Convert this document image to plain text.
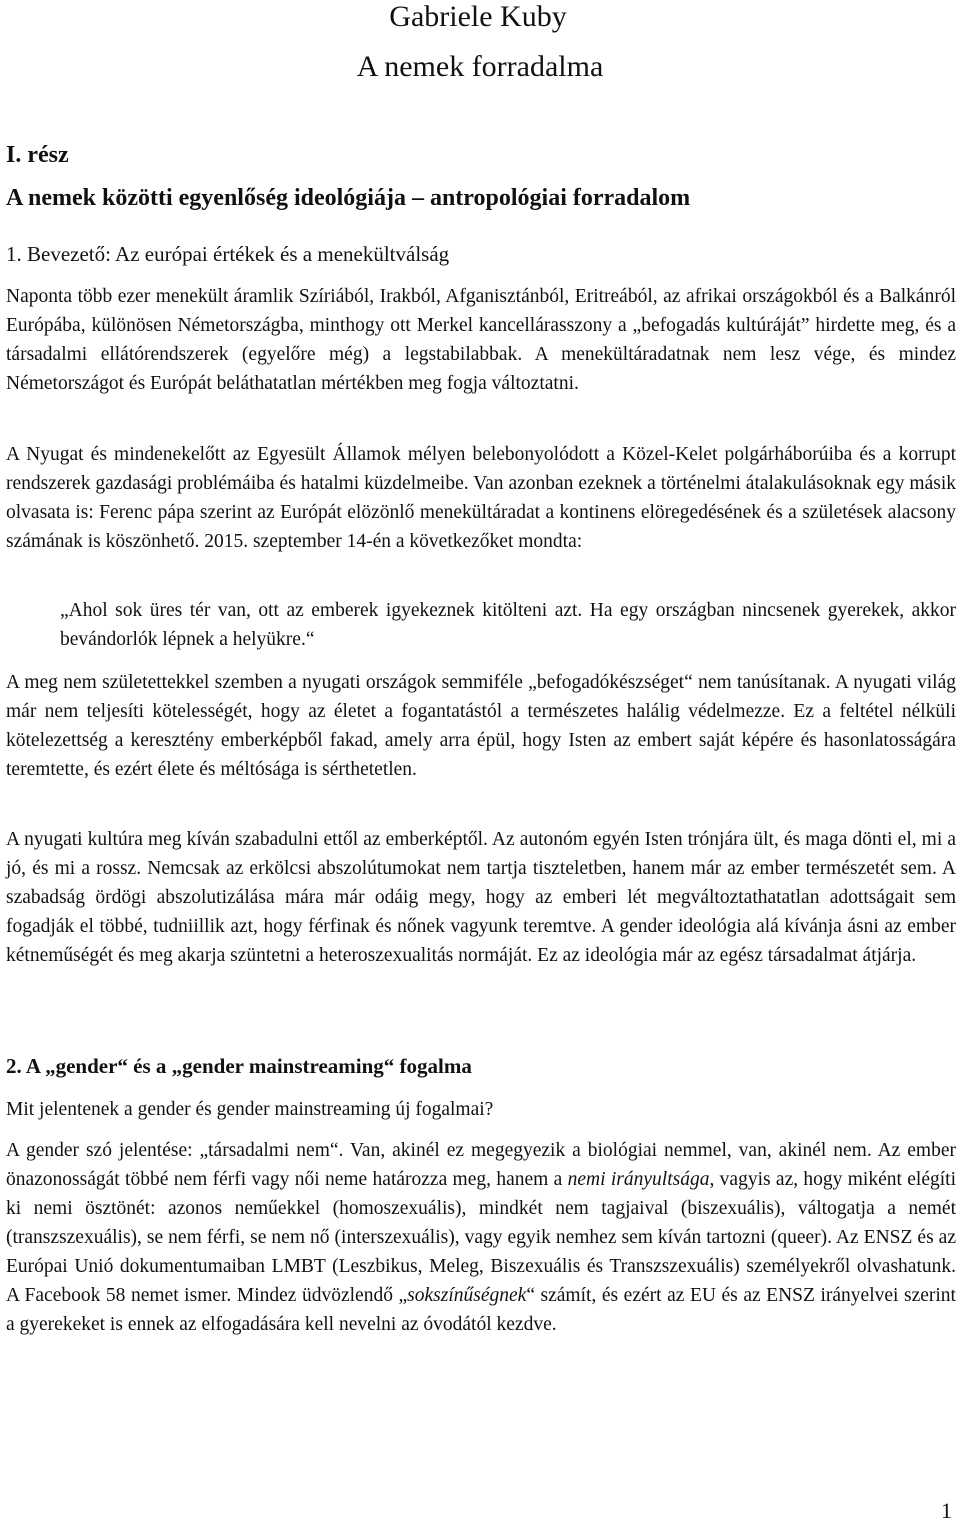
Gabriele Kuby
A nemek forradalma
I. rész
A nemek közötti egyenlőség ideológiája – antropológiai forradalom
1. Bevezető: Az európai értékek és a menekültválság

Naponta több ezer menekült áramlik Szíriából, Irakból, Afganisztánból, Eritreából, az afrikai országokból és a Balkánról Európába, különösen Németországba, minthogy ott Merkel kancellárasszony a „befogadás kultúráját” hirdette meg, és a társadalmi ellátórendszerek (egyelőre még) a legstabilabbak. A menekültáradatnak nem lesz vége, és mindez Németországot és Európát beláthatatlan mértékben meg fogja változtatni.

A Nyugat és mindenekelőtt az Egyesült Államok mélyen belebonyolódott a Közel-Kelet polgárháborúiba és a korrupt rendszerek gazdasági problémáiba és hatalmi küzdelmeibe. Van azonban ezeknek a történelmi átalakulásoknak egy másik olvasata is: Ferenc pápa szerint az Európát elözönlő menekültáradat a kontinens elöregedésének és a születések alacsony számának is köszönhető. 2015. szeptember 14-én a következőket mondta:

„Ahol sok üres tér van, ott az emberek igyekeznek kitölteni azt. Ha egy országban nincsenek gyerekek, akkor bevándorlók lépnek a helyükre.“

A meg nem születettekkel szemben a nyugati országok semmiféle „befogadókészséget“ nem tanúsítanak. A nyugati világ már nem teljesíti kötelességét, hogy az életet a fogantatástól a természetes halálig védelmezze. Ez a feltétel nélküli kötelezettség a keresztény emberképből fakad, amely arra épül, hogy Isten az embert saját képére és hasonlatosságára teremtette, és ezért élete és méltósága is sérthetetlen.

A nyugati kultúra meg kíván szabadulni ettől az emberképtől. Az autonóm egyén Isten trónjára ült, és maga dönti el, mi a jó, és mi a rossz. Nemcsak az erkölcsi abszolútumokat nem tartja tiszteletben, hanem már az ember természetét sem. A szabadság ördögi abszolutizálása mára már odáig megy, hogy az emberi lét megváltoztathatatlan adottságait sem fogadják el többé, tudniillik azt, hogy férfinak és nőnek vagyunk teremtve. A gender ideológia alá kívánja ásni az ember kétneműségét és meg akarja szüntetni a heteroszexualitás normáját. Ez az ideológia már az egész társadalmat átjárja.

2. A „gender“ és a „gender mainstreaming“ fogalma

Mit jelentenek a gender és gender mainstreaming új fogalmai?

A gender szó jelentése: „társadalmi nem“. Van, akinél ez megegyezik a biológiai nemmel, van, akinél nem. Az ember önazonosságát többé nem férfi vagy női neme határozza meg, hanem a nemi irányultsága, vagyis az, hogy miként elégíti ki nemi ösztönét: azonos neműekkel (homoszexuális), mindkét nem tagjaival (biszexuális), váltogatja a nemét (transzszexuális), se nem férfi, se nem nő (interszexuális), vagy egyik nemhez sem kíván tartozni (queer). Az ENSZ és az Európai Unió dokumentumaiban LMBT (Leszbikus, Meleg, Biszexuális és Transzszexuális) személyekről olvashatunk. A Facebook 58 nemet ismer. Mindez üdvözlendő „sokszínűségnek“ számít, és ezért az EU és az ENSZ irányelvei szerint a gyerekeket is ennek az elfogadására kell nevelni az óvodától kezdve.

1
